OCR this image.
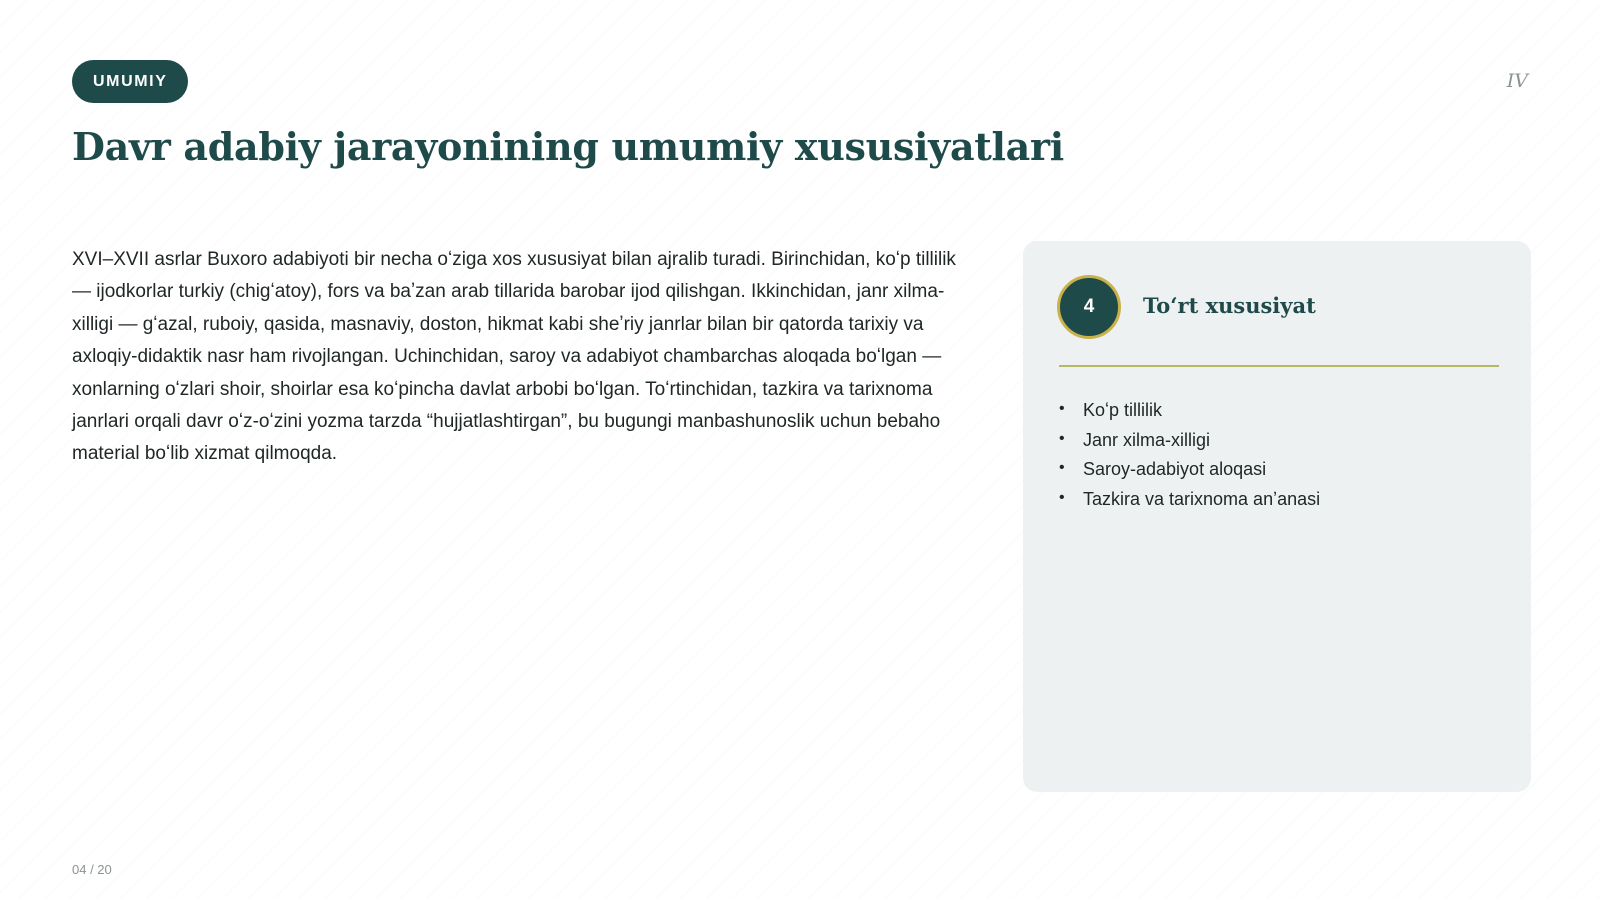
UMUMIY	IV
Davr adabiy jarayonining umumiy xususiyatlari

XVI–XVII asrlar Buxoro adabiyoti bir necha oʻziga xos xususiyat bilan ajralib turadi. Birinchidan, koʻp tillilik — ijodkorlar turkiy (chigʻatoy), fors va baʼzan arab tillarida barobar ijod qilishgan. Ikkinchidan, janr xilma-xilligi — gʻazal, ruboiy, qasida, masnaviy, doston, hikmat kabi sheʼriy janrlar bilan bir qatorda tarixiy va axloqiy-didaktik nasr ham rivojlangan. Uchinchidan, saroy va adabiyot chambarchas aloqada boʻlgan — xonlarning oʻzlari shoir, shoirlar esa koʻpincha davlat arbobi boʻlgan. Toʻrtinchidan, tazkira va tarixnoma janrlari orqali davr oʻz-oʻzini yozma tarzda “hujjatlashtirgan”, bu bugungi manbashunoslik uchun bebaho material boʻlib xizmat qilmoqda.

4	Toʻrt xususiyat
• Koʻp tillilik
• Janr xilma-xilligi
• Saroy-adabiyot aloqasi
• Tazkira va tarixnoma anʼanasi
04 / 20
